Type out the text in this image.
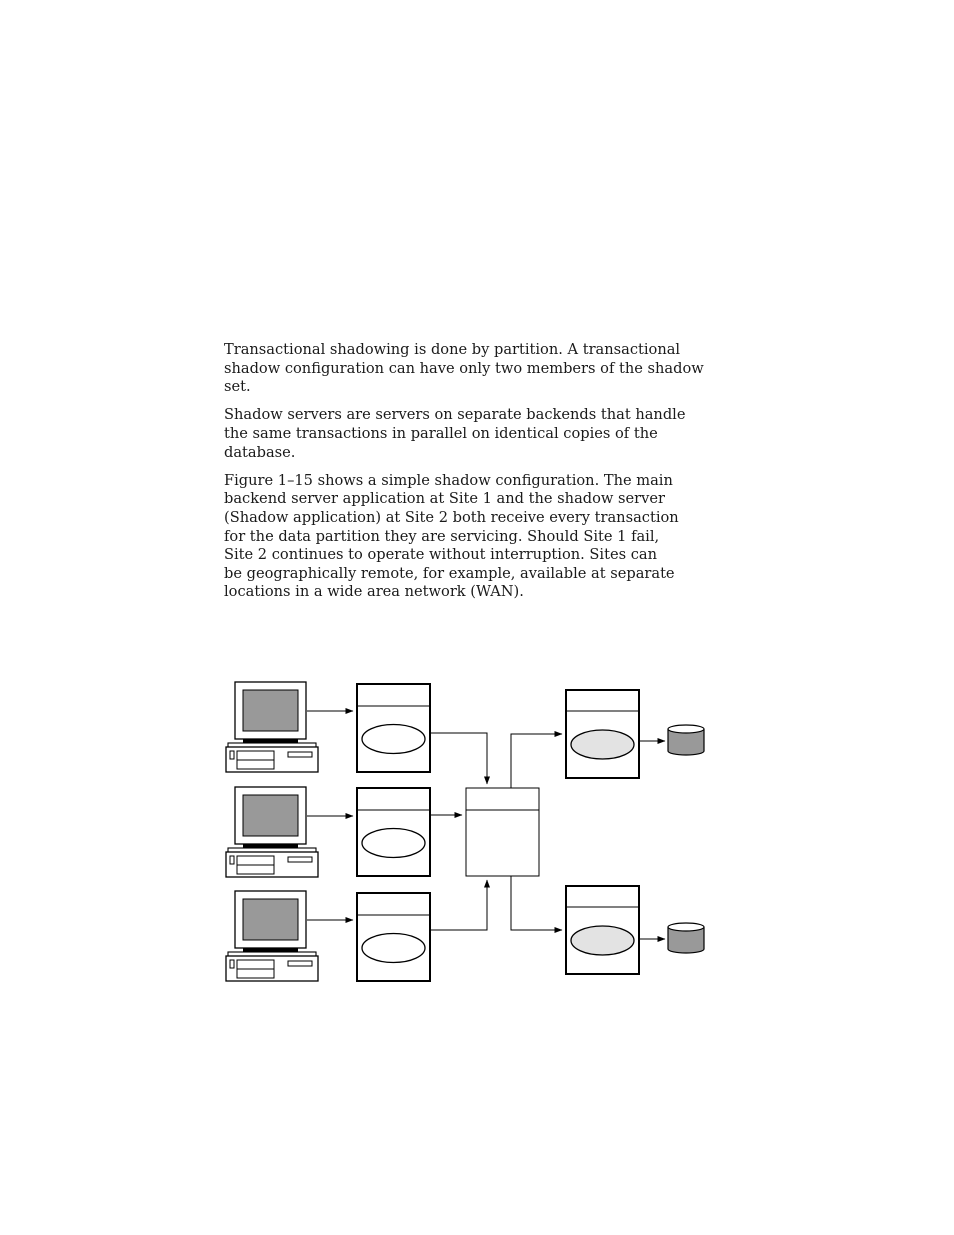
Transactional shadowing is done by partition. A transactional
shadow configuration can have only two members of the shadow
set.

Shadow servers are servers on separate backends that handle
the same transactions in parallel on identical copies of the
database.

Figure 1–15 shows a simple shadow configuration. The main
backend server application at Site 1 and the shadow server
(Shadow application) at Site 2 both receive every transaction
for the data partition they are servicing. Should Site 1 fail,
Site 2 continues to operate without interruption. Sites can
be geographically remote, for example, available at separate
locations in a wide area network (WAN).
